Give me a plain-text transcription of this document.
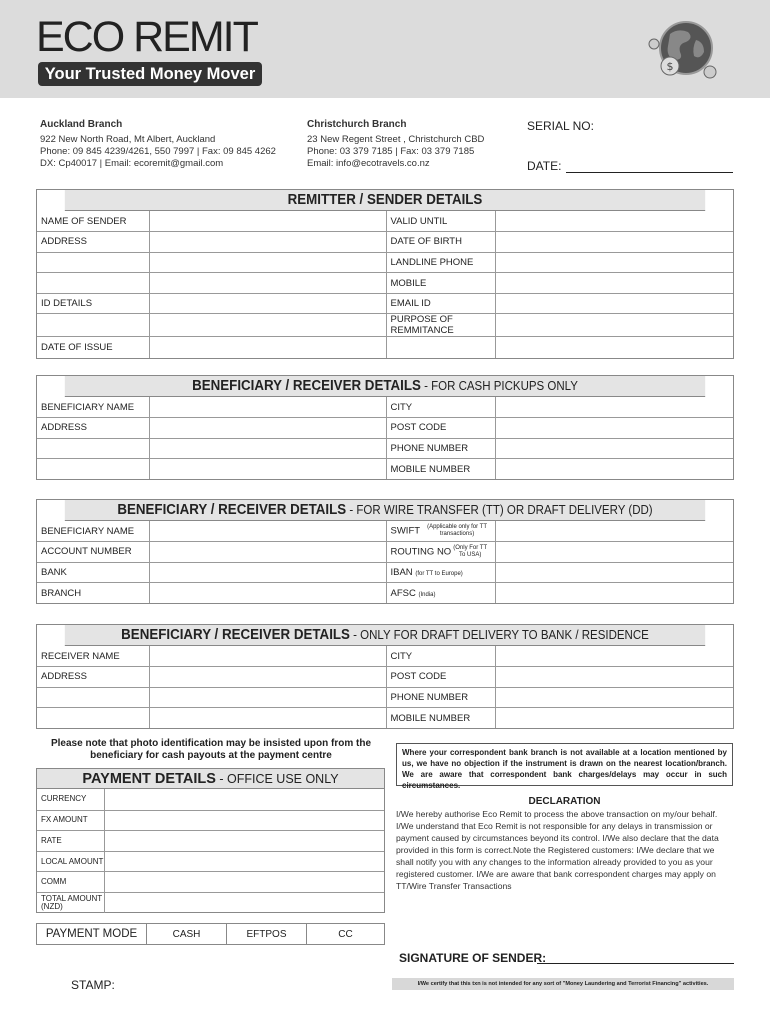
ECO REMIT
Your Trusted Money Mover	$
Auckland Branch
922 New North Road, Mt Albert, Auckland
Phone: 09 845 4239/4261, 550 7997 | Fax: 09 845 4262
DX: Cp40017 | Email: ecoremit@gmail.com
Christchurch Branch
23 New Regent Street , Christchurch CBD
Phone: 03 379 7185 | Fax: 03 379 7185
Email: info@ecotravels.co.nz
SERIAL NO:
DATE:
REMITTER / SENDER DETAILS
NAME OF SENDER		VALID UNTIL	
ADDRESS		DATE OF BIRTH	
		LANDLINE PHONE	
		MOBILE	
ID DETAILS		EMAIL ID	
		PURPOSE OF REMMITANCE	
DATE OF ISSUE			
BENEFICIARY / RECEIVER DETAILS - FOR CASH PICKUPS ONLY
BENEFICIARY NAME		CITY	
ADDRESS		POST CODE	
		PHONE NUMBER	
		MOBILE NUMBER	
BENEFICIARY / RECEIVER DETAILS - FOR WIRE TRANSFER (TT) OR DRAFT DELIVERY (DD)
BENEFICIARY NAME		SWIFT (Applicable only for TT transactions)	
ACCOUNT NUMBER		ROUTING NO (Only For TT To USA)	
BANK		IBAN (for TT to Europe)	
BRANCH		AFSC (India)	
BENEFICIARY / RECEIVER DETAILS - ONLY FOR DRAFT DELIVERY TO BANK / RESIDENCE
RECEIVER NAME		CITY	
ADDRESS		POST CODE	
		PHONE NUMBER	
		MOBILE NUMBER	
Please note that photo identification may be insisted upon from the beneficiary for cash payouts at the payment centre
PAYMENT DETAILS - OFFICE USE ONLY
CURRENCY
FX AMOUNT
RATE
LOCAL AMOUNT
COMM
TOTAL AMOUNT (NZD)
PAYMENT MODE	CASH	EFTPOS	CC
Where your correspondent bank branch is not available at a location mentioned by us, we have no objection if the instrument is drawn on the nearest location/branch. We are aware that correspondent bank charges/delays may occur in such circumstances.
DECLARATION
I/We hereby authorise Eco Remit to process the above transaction on my/our behalf. I/We understand that Eco Remit is not responsible for any delays in transmission or payment caused by circumstances beyond its control. I/We also declare that the data provided in this form is correct.Note the Registered customers: I/We declare that we shall notify you with any changes to the information already provided to you as your registered customer. I/We are aware that bank correspondent charges may apply on TT/Wire Transfer Transactions
SIGNATURE OF SENDER:
I/We certify that this txn is not intended for any sort of "Money Laundering and Terrorist Financing" activities.
STAMP:
